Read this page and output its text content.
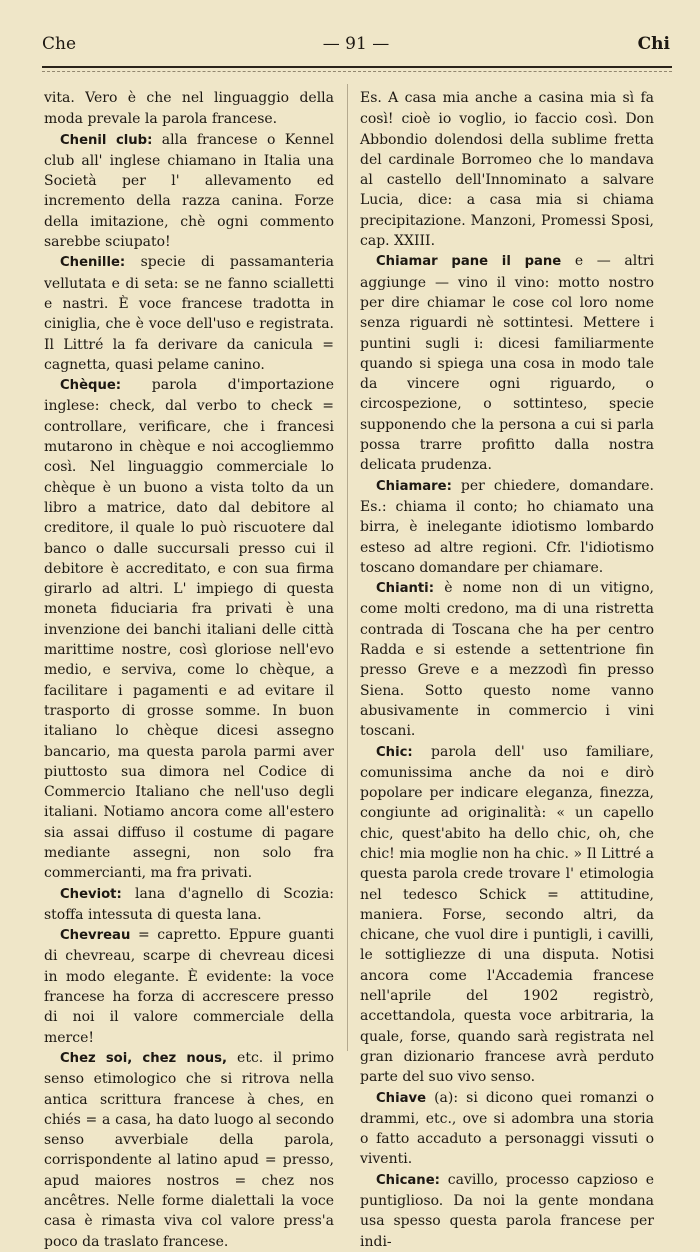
Che	— 91 —	Chi

vita. Vero è che nel linguaggio della moda prevale la parola francese.

Chenil club: alla francese o Kennel club all' inglese chiamano in Italia una Società per l' allevamento ed incremento della razza canina. Forze della imitazione, chè ogni commento sarebbe sciupato!

Chenille: specie di passamanteria vellutata e di seta: se ne fanno scialletti e nastri. È voce francese tradotta in ciniglia, che è voce dell'uso e registrata. Il Littré la fa derivare da canicula = cagnetta, quasi pelame canino.

Chèque: parola d'importazione inglese: check, dal verbo to check = controllare, verificare, che i francesi mutarono in chèque e noi accogliemmo così. Nel linguaggio commerciale lo chèque è un buono a vista tolto da un libro a matrice, dato dal debitore al creditore, il quale lo può riscuotere dal banco o dalle succursali presso cui il debitore è accreditato, e con sua firma girarlo ad altri. L' impiego di questa moneta fiduciaria fra privati è una invenzione dei banchi italiani delle città marittime nostre, così gloriose nell'evo medio, e serviva, come lo chèque, a facilitare i pagamenti e ad evitare il trasporto di grosse somme. In buon italiano lo chèque dicesi assegno bancario, ma questa parola parmi aver piuttosto sua dimora nel Codice di Commercio Italiano che nell'uso degli italiani. Notiamo ancora come all'estero sia assai diffuso il costume di pagare mediante assegni, non solo fra commercianti, ma fra privati.

Cheviot: lana d'agnello di Scozia: stoffa intessuta di questa lana.

Chevreau = capretto. Eppure guanti di chevreau, scarpe di chevreau dicesi in modo elegante. È evidente: la voce francese ha forza di accrescere presso di noi il valore commerciale della merce!

Chez soi, chez nous, etc. il primo senso etimologico che si ritrova nella antica scrittura francese à ches, en chiés = a casa, ha dato luogo al secondo senso avverbiale della parola, corrispondente al latino apud = presso, apud maiores nostros = chez nos ancêtres. Nelle forme dialettali la voce casa è rimasta viva col valore press'a poco da traslato francese.

Es. A casa mia anche a casina mia sì fa così! cioè io voglio, io faccio così. Don Abbondio dolendosi della sublime fretta del cardinale Borromeo che lo mandava al castello dell'Innominato a salvare Lucia, dice: a casa mia si chiama precipitazione. Manzoni, Promessi Sposi, cap. XXIII.

Chiamar pane il pane e — altri aggiunge — vino il vino: motto nostro per dire chiamar le cose col loro nome senza riguardi nè sottintesi. Mettere i puntini sugli i: dicesi familiarmente quando si spiega una cosa in modo tale da vincere ogni riguardo, o circospezione, o sottinteso, specie supponendo che la persona a cui si parla possa trarre profitto dalla nostra delicata prudenza.

Chiamare: per chiedere, domandare. Es.: chiama il conto; ho chiamato una birra, è inelegante idiotismo lombardo esteso ad altre regioni. Cfr. l'idiotismo toscano domandare per chiamare.

Chianti: è nome non di un vitigno, come molti credono, ma di una ristretta contrada di Toscana che ha per centro Radda e si estende a settentrione fin presso Greve e a mezzodì fin presso Siena. Sotto questo nome vanno abusivamente in commercio i vini toscani.

Chic: parola dell' uso familiare, comunissima anche da noi e dirò popolare per indicare eleganza, finezza, congiunte ad originalità: « un capello chic, quest'abito ha dello chic, oh, che chic! mia moglie non ha chic. » Il Littré a questa parola crede trovare l' etimologia nel tedesco Schick = attitudine, maniera. Forse, secondo altri, da chicane, che vuol dire i puntigli, i cavilli, le sottigliezze di una disputa. Notisi ancora come l'Accademia francese nell'aprile del 1902 registrò, accettandola, questa voce arbitraria, la quale, forse, quando sarà registrata nel gran dizionario francese avrà perduto parte del suo vivo senso.

Chiave (a): si dicono quei romanzi o drammi, etc., ove si adombra una storia o fatto accaduto a personaggi vissuti o viventi.

Chicane: cavillo, processo capzioso e puntiglioso. Da noi la gente mondana usa spesso questa parola francese per indi-
